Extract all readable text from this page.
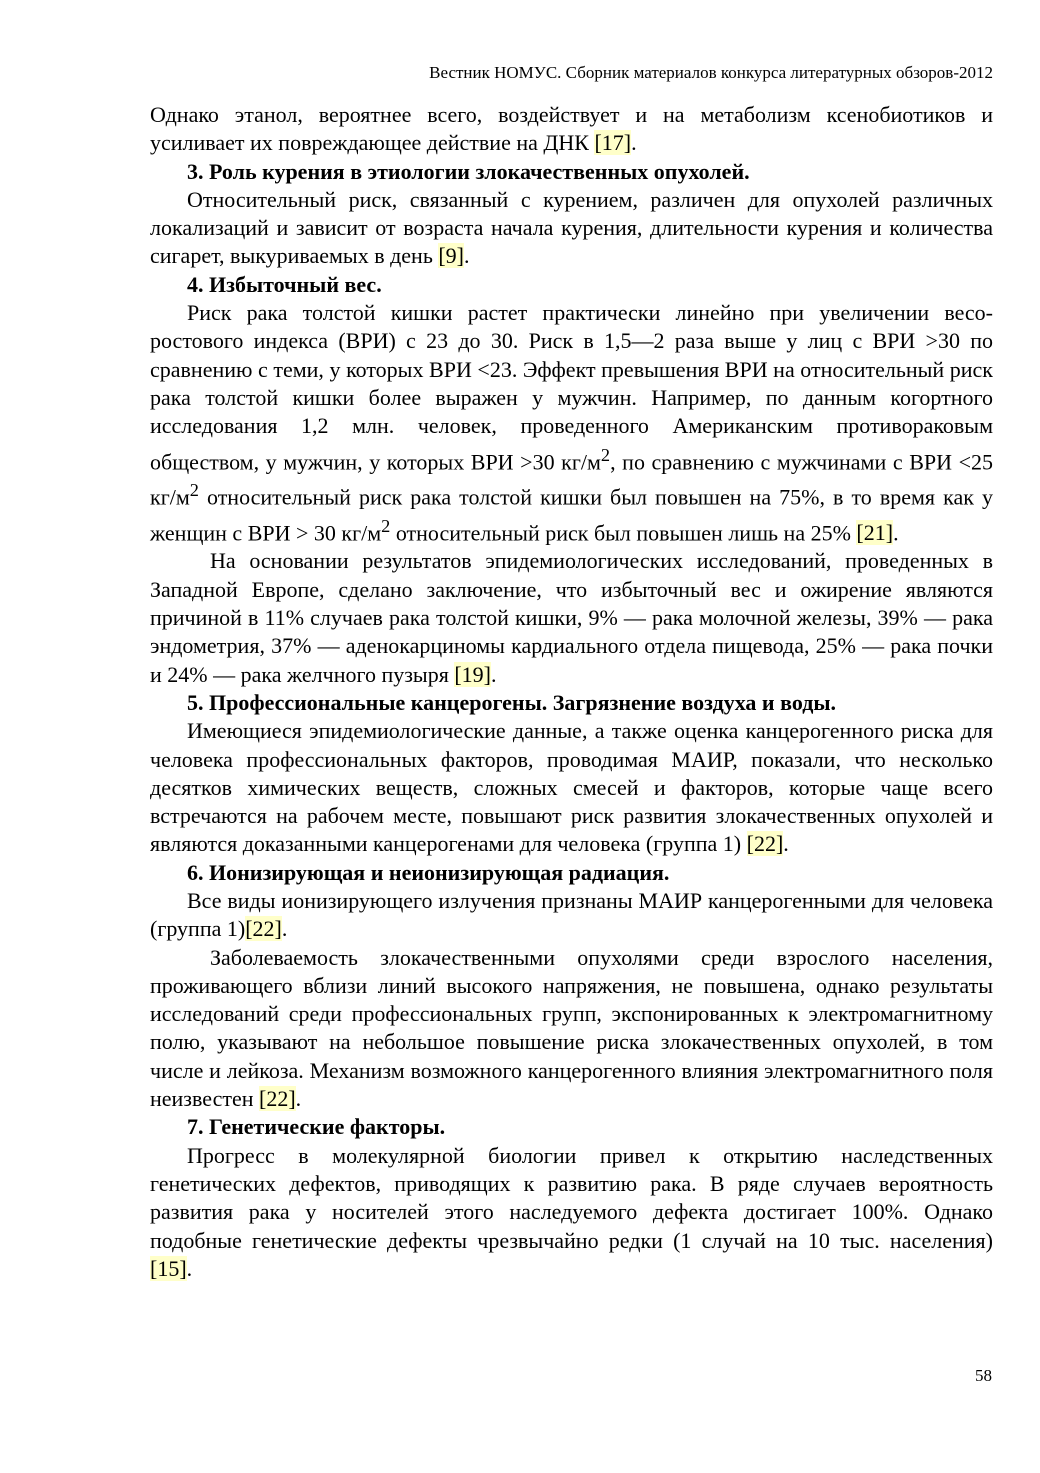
Вестник НОМУС. Сборник материалов конкурса литературных обзоров-2012

Однако этанол, вероятнее всего, воздействует и на метаболизм ксенобиотиков и усиливает их повреждающее действие на ДНК [17].

3. Роль курения в этиологии злокачественных опухолей.

Относительный риск, связанный с курением, различен для опухолей различных локализаций и зависит от возраста начала курения, длительности курения и количества сигарет, выкуриваемых в день [9].

4. Избыточный вес.

Риск рака толстой кишки растет практически линейно при увеличении весо-ростового индекса (ВРИ) с 23 до 30. Риск в 1,5—2 раза выше у лиц с ВРИ >30 по сравнению с теми, у которых ВРИ <23. Эффект превышения ВРИ на относительный риск рака толстой кишки более выражен у мужчин. Например, по данным когортного исследования 1,2 млн. человек, проведенного Американским противораковым обществом, у мужчин, у которых ВРИ >30 $кг/м^2$, по сравнению с мужчинами с ВРИ <25 $кг/м^2$ относительный риск рака толстой кишки был повышен на 75%, в то время как у женщин с ВРИ > 30 $кг/м^2$ относительный риск был повышен лишь на 25% [21].

На основании результатов эпидемиологических исследований, проведенных в Западной Европе, сделано заключение, что избыточный вес и ожирение являются причиной в 11% случаев рака толстой кишки, 9% — рака молочной железы, 39% — рака эндометрия, 37% — аденокарциномы кардиального отдела пищевода, 25% — рака почки и 24% — рака желчного пузыря [19].

5. Профессиональные канцерогены. Загрязнение воздуха и воды.

Имеющиеся эпидемиологические данные, а также оценка канцерогенного риска для человека профессиональных факторов, проводимая МАИР, показали, что несколько десятков химических веществ, сложных смесей и факторов, которые чаще всего встречаются на рабочем месте, повышают риск развития злокачественных опухолей и являются доказанными канцерогенами для человека (группа 1) [22].

6. Ионизирующая и неионизирующая радиация.

Все виды ионизирующего излучения признаны МАИР канцерогенными для человека (группа 1)[22].

Заболеваемость злокачественными опухолями среди взрослого населения, проживающего вблизи линий высокого напряжения, не повышена, однако результаты исследований среди профессиональных групп, экспонированных к электромагнитному полю, указывают на небольшое повышение риска злокачественных опухолей, в том числе и лейкоза. Механизм возможного канцерогенного влияния электромагнитного поля неизвестен [22].

7. Генетические факторы.

Прогресс в молекулярной биологии привел к открытию наследственных генетических дефектов, приводящих к развитию рака. В ряде случаев вероятность развития рака у носителей этого наследуемого дефекта достигает 100%. Однако подобные генетические дефекты чрезвычайно редки (1 случай на 10 тыс. населения) [15].

58
